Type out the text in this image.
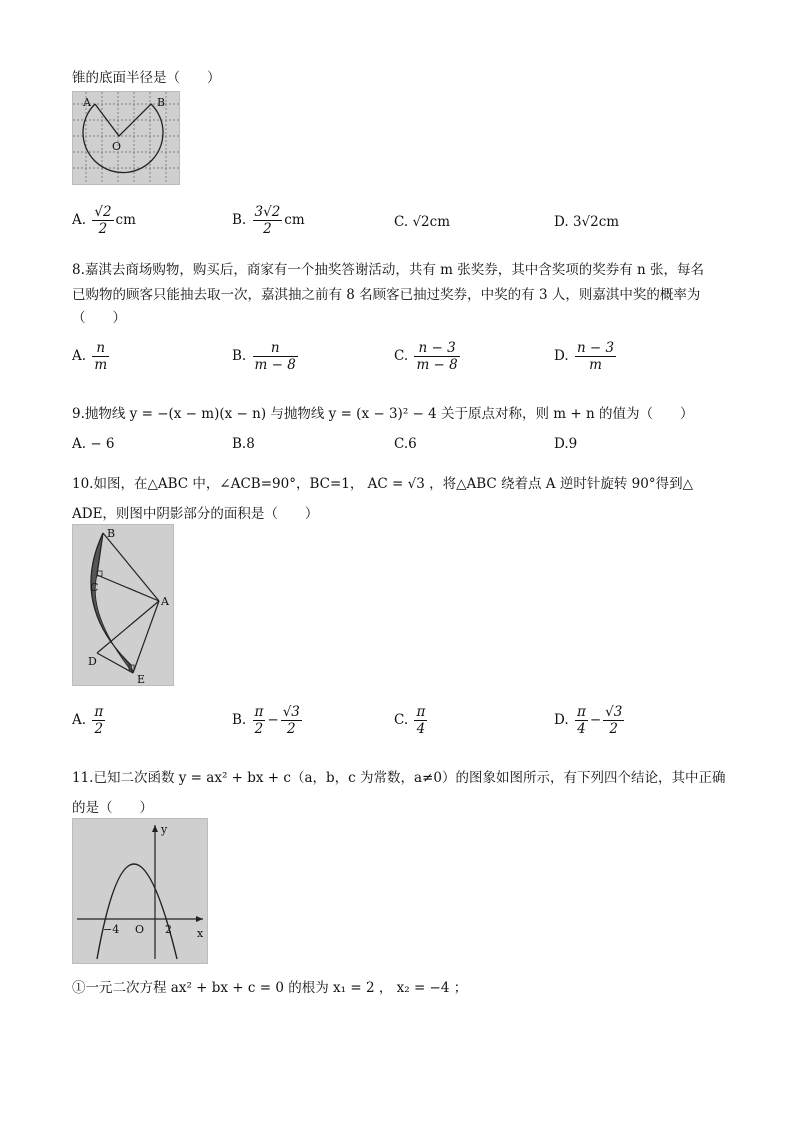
锥的底面半径是（　　）
A	B
O
A. $\frac{√2}{2}$ cm	B. $\frac{3√2}{2}$ cm	C. √2cm	D. 3√2cm
8.嘉淇去商场购物，购买后，商家有一个抽奖答谢活动，共有 m 张奖券，其中含奖项的奖券有 n 张，每名
已购物的顾客只能抽去取一次，嘉淇抽之前有 8 名顾客已抽过奖券，中奖的有 3 人，则嘉淇中奖的概率为
（　　）
A. $\frac{n}{m}$	B. $\frac{n}{m - 8}$	C. $\frac{n - 3}{m - 8}$	D. $\frac{n - 3}{m}$
9.抛物线 y = −(x − m)(x − n) 与抛物线 y = (x − 3)² − 4 关于原点对称，则 m + n 的值为（　　）
A. − 6	B.8	C.6	D.9
10.如图，在△ABC 中，∠ACB=90°，BC=1， AC = √3 ，将△ABC 绕着点 A 逆时针旋转 90°得到△
ADE，则图中阴影部分的面积是（　　）
B
C
A
D
E
A. $\frac{\pi}{2}$	B. $\frac{\pi}{2} - \frac{√3}{2}$	C. $\frac{\pi}{4}$	D. $\frac{\pi}{4} - \frac{√3}{2}$
11.已知二次函数 y = ax² + bx + c（a，b，c 为常数，a≠0）的图象如图所示，有下列四个结论，其中正确
的是（　　）
y
x
O
−4	2
①一元二次方程 ax² + bx + c = 0 的根为 x₁ = 2 ， x₂ = −4 ；
